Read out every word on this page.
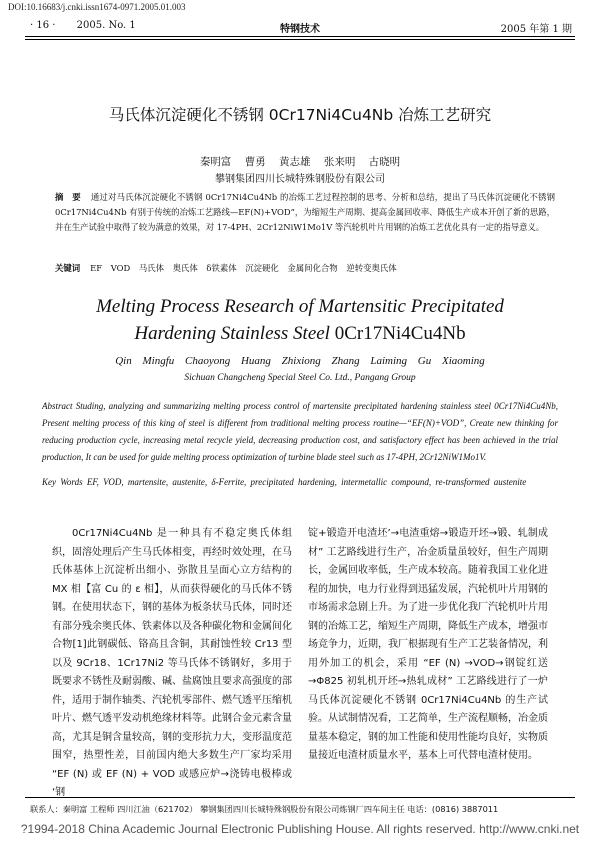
DOI:10.16683/j.cnki.issn1674-0971.2005.01.003
· 16 · 2005. No. 1	特钢技术	2005 年第 1 期
马氏体沉淀硬化不锈钢 0Cr17Ni4Cu4Nb 冶炼工艺研究
秦明富 曹勇 黄志雄 张来明 古晓明
攀钢集团四川长城特殊钢股份有限公司
摘　要 通过对马氏体沉淀硬化不锈钢 0Cr17Ni4Cu4Nb 的冶炼工艺过程控制的思考、分析和总结，提出了马氏体沉淀硬化不锈钢 0Cr17Ni4Cu4Nb 有别于传统的冶炼工艺路线—EF(N)+VOD”，为缩短生产周期、提高金属回收率、降低生产成本开创了新的思路，并在生产试验中取得了较为满意的效果，对 17-4PH、2Cr12NiW1Mo1V 等汽轮机叶片用钢的冶炼工艺优化具有一定的指导意义。
关键词 EF VOD 马氏体 奥氏体 δ铁素体 沉淀硬化 金属间化合物 逆转变奥氏体
Melting Process Research of Martensitic Precipitated
Hardening Stainless Steel 0Cr17Ni4Cu4Nb
Qin Mingfu Chaoyong Huang Zhixiong Zhang Laiming Gu Xiaoming
Sichuan Changcheng Special Steel Co. Ltd., Pangang Group
Abstract Studing, analyzing and summarizing melting process control of martensite precipitated hardening stainless steel 0Cr17Ni4Cu4Nb, Present melting process of this king of steel is different from traditional melting process routine—“EF(N)+VOD”, Create new thinking for reducing production cycle, increasing metal recycle yield, decreasing production cost, and satisfactory effect has been achieved in the trial production, It can be used for guide melting process optimization of turbine blade steel such as 17-4PH, 2Cr12NiW1Mo1V.
Key Words EF, VOD, martensite, austenite, δ-Ferrite, precipitated hardening, intermetallic compound, re-transformed austenite
0Cr17Ni4Cu4Nb 是一种具有不稳定奥氏体组织，固溶处理后产生马氏体相变，再经时效处理，在马氏体基体上沉淀析出细小、弥散且呈面心立方结构的 MX 相【富 Cu 的 ε 相】，从而获得硬化的马氏体不锈钢。在使用状态下，钢的基体为板条状马氏体，同时还有部分残余奥氏体、铁素体以及各种碳化物和金属间化合物[1]此钢碳低、铬高且含铜，其耐蚀性较 Cr13 型以及 9Cr18、1Cr17Ni2 等马氏体不锈钢好，多用于既要求不锈性及耐弱酸、碱、盐腐蚀且要求高强度的部件，适用于制作轴类、汽轮机零部件、燃气透平压缩机叶片、燃气透平发动机绝缘材料等。此钢合金元素含量高，尤其是铜含量较高，钢的变形抗力大，变形温度范围窄，热塑性差，目前国内绝大多数生产厂家均采用 “EF (N) 或 EF (N) + VOD 或感应炉→浇铸电极棒或 ‘钢
锭+锻造开电渣坯’→电渣重熔→锻造开坯→锻、轧制成材” 工艺路线进行生产，冶金质量虽较好，但生产周期长，金属回收率低，生产成本较高。随着我国工业化进程的加快，电力行业得到迅猛发展，汽轮机叶片用钢的市场需求急剧上升。为了进一步优化我厂汽轮机叶片用钢的冶炼工艺，缩短生产周期，降低生产成本，增强市场竞争力，近期，我厂根据现有生产工艺装备情况，利用外加工的机会，采用 “EF (N) →VOD→钢锭红送→Φ825 初轧机开坯→热轧成材” 工艺路线进行了一炉马氏体沉淀硬化不锈钢 0Cr17Ni4Cu4Nb 的生产试验。从试制情况看，工艺简单，生产流程顺畅，冶金质量基本稳定，钢的加工性能和使用性能均良好，实物质量接近电渣材质量水平，基本上可代替电渣材使用。
联系人：秦明富 工程师 四川江油（621702） 攀钢集团四川长城特殊钢股份有限公司炼钢厂四车间主任 电话：(0816) 3887011
?1994-2018 China Academic Journal Electronic Publishing House. All rights reserved. http://www.cnki.net
